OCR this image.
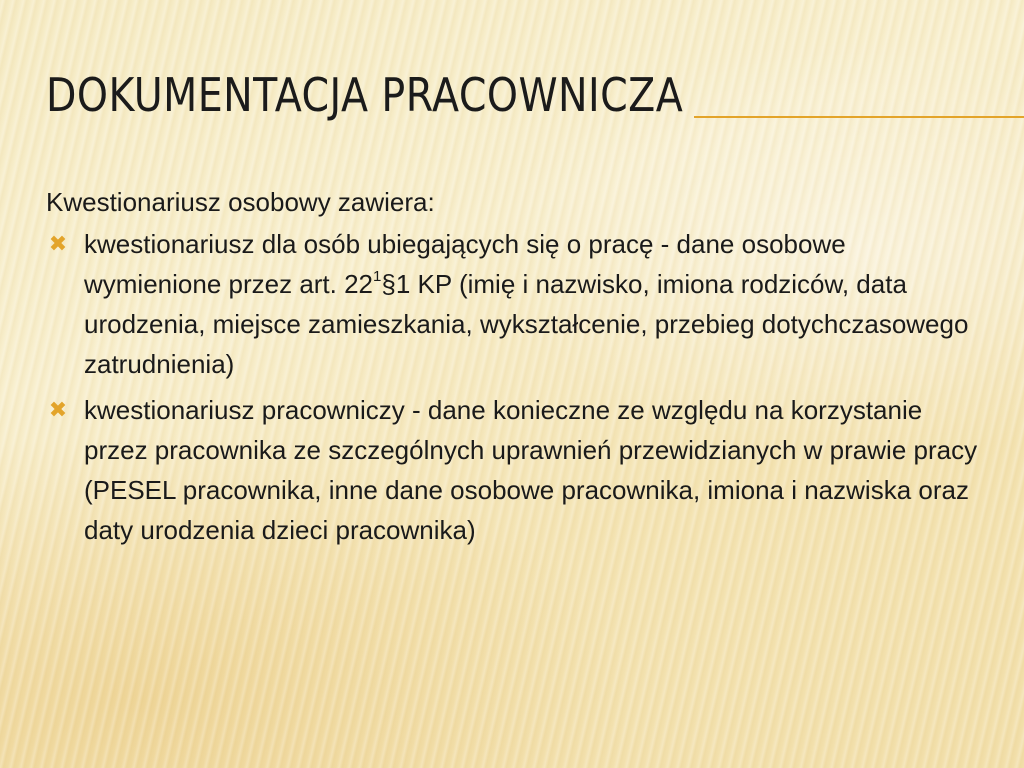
DOKUMENTACJA PRACOWNICZA

Kwestionariusz osobowy zawiera:

✖ kwestionariusz dla osób ubiegających się o pracę - dane osobowe wymienione przez art. $22^1\S 1$ KP (imię i nazwisko, imiona rodziców, data urodzenia, miejsce zamieszkania, wykształcenie, przebieg dotychczasowego zatrudnienia)
✖ kwestionariusz pracowniczy - dane konieczne ze względu na korzystanie przez pracownika ze szczególnych uprawnień przewidzianych w prawie pracy (PESEL pracownika, inne dane osobowe pracownika, imiona i nazwiska oraz daty urodzenia dzieci pracownika)
